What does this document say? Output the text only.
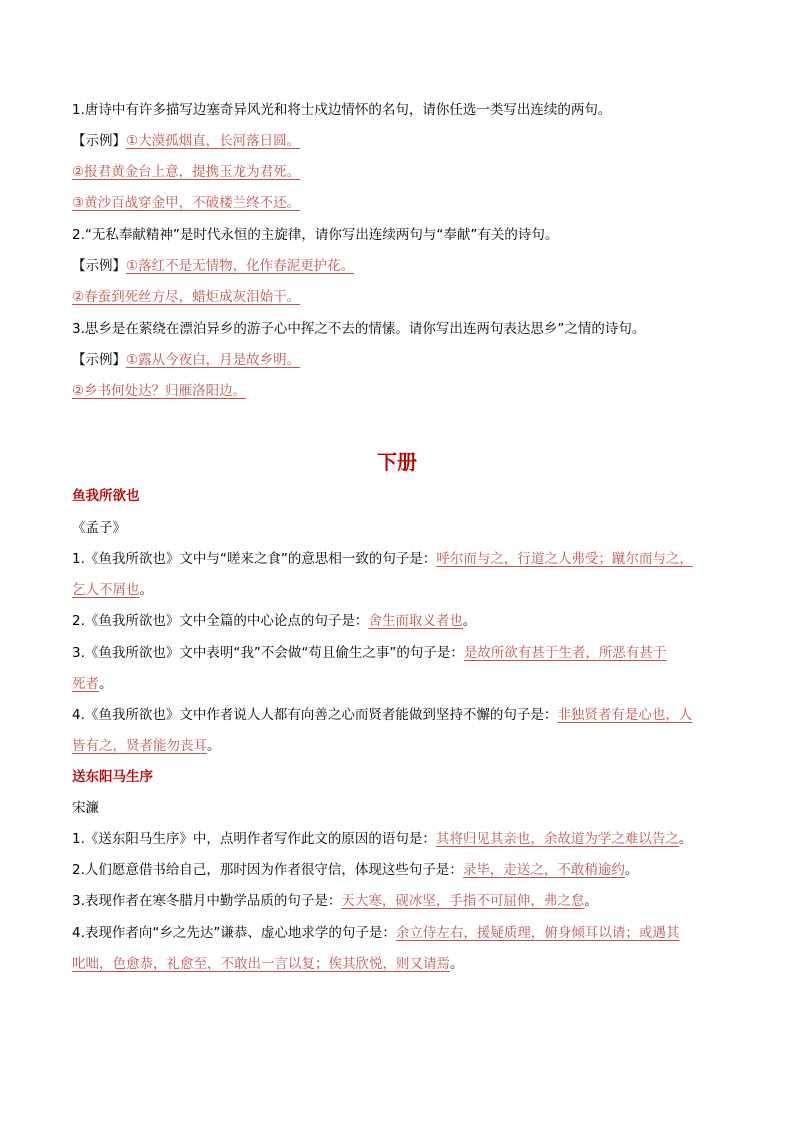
1.唐诗中有许多描写边塞奇异风光和将士戍边情怀的名句，请你任选一类写出连续的两句。
【示例】①大漠孤烟直，长河落日圆。
②报君黄金台上意，提携玉龙为君死。
③黄沙百战穿金甲，不破楼兰终不还。
2.“无私奉献精神”是时代永恒的主旋律，请你写出连续两句与“奉献”有关的诗句。
【示例】①落红不是无情物，化作春泥更护花。
②春蚕到死丝方尽，蜡炬成灰泪始干。
3.思乡是在萦绕在漂泊异乡的游子心中挥之不去的情愫。请你写出连两句表达思乡”之情的诗句。
【示例】①露从今夜白，月是故乡明。
②乡书何处达？归雁洛阳边。
下册
鱼我所欲也
《孟子》
1.《鱼我所欲也》文中与“嗟来之食”的意思相一致的句子是：呼尔而与之，行道之人弗受；蹴尔而与之，
乞人不屑也。
2.《鱼我所欲也》文中全篇的中心论点的句子是：舍生而取义者也。
3.《鱼我所欲也》文中表明“我”不会做“苟且偷生之事”的句子是：是故所欲有甚于生者，所恶有甚于
死者。
4.《鱼我所欲也》文中作者说人人都有向善之心而贤者能做到坚持不懈的句子是：非独贤者有是心也，人
皆有之，贤者能勿丧耳。
送东阳马生序
宋濂
1.《送东阳马生序》中，点明作者写作此文的原因的语句是：其将归见其亲也，余故道为学之难以告之。
2.人们愿意借书给自己，那时因为作者很守信，体现这些句子是：录毕，走送之，不敢稍逾约。
3.表现作者在寒冬腊月中勤学品质的句子是：天大寒，砚冰坚，手指不可屈伸，弗之怠。
4.表现作者向“乡之先达”谦恭、虚心地求学的句子是：余立侍左右，援疑质理，俯身倾耳以请；或遇其
叱咄，色愈恭，礼愈至，不敢出一言以复；俟其欣悦，则又请焉。
